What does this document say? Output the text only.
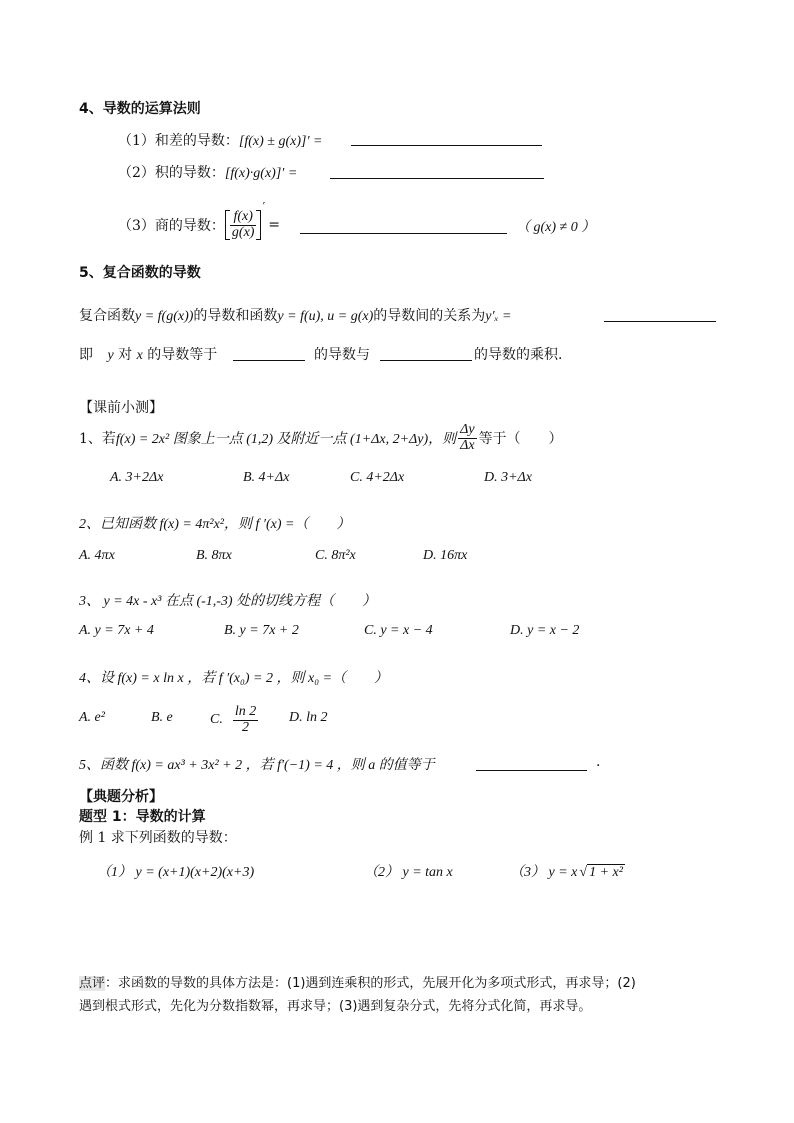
4、导数的运算法则
（1）和差的导数：[f(x) ± g(x)]′ =
（2）积的导数：[f(x)·g(x)]′ =
（3）商的导数： $\frac{f(x)}{g(x)}$
′
=	（ g(x) ≠ 0 ）
5、复合函数的导数
复合函数y = f(g(x))的导数和函数y = f(u), u = g(x)的导数间的关系为y′ₓ =
即 y 对 x 的导数等于	的导数与	的导数的乘积.
【课前小测】
1、若 f(x) = 2x² 图象上一点 (1,2) 及附近一点 (1+Δx, 2+Δy)，则 $\frac{\Delta y}{\Delta x}$ 等于（　　）
A. 3+2Δx	B. 4+Δx	C. 4+2Δx	D. 3+Δx
2、已知函数 f(x) = 4π²x²，则 f ′(x) =（　　）
A. 4πx	B. 8πx	C. 8π²x	D. 16πx
3、 y = 4x - x³ 在点 (-1,-3) 处的切线方程（　　）
A. y = 7x + 4	B. y = 7x + 2	C. y = x − 4	D. y = x − 2
4、设 f(x) = x ln x ，若 f ′(x₀) = 2 ，则 x₀ =（　　）
A. e²	B. e	C. $\frac{\ln 2}{2} D$. ln 2
5、函数 f(x) = ax³ + 3x² + 2 ，若 f′(−1) = 4 ，则 a 的值等于	.
【典题分析】
题型 1：导数的计算
例 1 求下列函数的导数：
（1） y = (x+1)(x+2)(x+3)	（2） y = tan x	（3） y = x √ 1 + x²
点评：求函数的导数的具体方法是：(1)遇到连乘积的形式，先展开化为多项式形式，再求导；(2)
遇到根式形式，先化为分数指数幂，再求导；(3)遇到复杂分式，先将分式化简，再求导。
